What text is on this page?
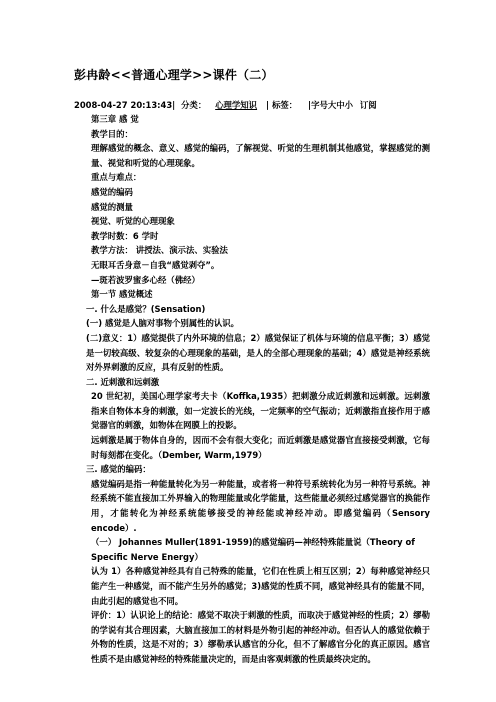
彭冉龄<<普通心理学>>课件（二）
2008-04-27 20:13:43| 分类： 心理学知识 | 标签： |字号大中小 订阅

第三章 感 觉

教学目的：

理解感觉的概念、意义、感觉的编码，了解视觉、听觉的生理机制其他感觉，掌握感觉的测量、视觉和听觉的心理现象。

重点与难点：

感觉的编码

感觉的测量

视觉、听觉的心理现象

教学时数：6 学时

教学方法： 讲授法、演示法、实验法

无眼耳舌身意－自我“感觉剥夺”。

—斑若波罗蜜多心经（佛经）

第一节 感觉概述

一. 什么是感觉？(Sensation)

(一) 感觉是人脑对事物个别属性的认识。

(二)意义：1）感觉提供了内外环境的信息；2）感觉保证了机体与环境的信息平衡；3）感觉是一切较高级、较复杂的心理现象的基础，是人的全部心理现象的基础；4）感觉是神经系统对外界刺激的反应，具有反射的性质。

二. 近刺激和远刺激

20 世纪初，美国心理学家考夫卡（Koffka,1935）把刺激分成近刺激和远刺激。远刺激指来自物体本身的刺激，如一定波长的光线，一定频率的空气振动；近刺激指直接作用于感觉器官的刺激，如物体在网膜上的投影。

远刺激是属于物体自身的，因而不会有很大变化；而近刺激是感觉器官直接接受刺激，它每时每刻都在变化。（Dember, Warm,1979）

三. 感觉的编码：

感觉编码是指一种能量转化为另一种能量，或者将一种符号系统转化为另一种符号系统。神经系统不能直接加工外界输入的物理能量或化学能量，这些能量必须经过感觉器官的换能作用，才能转化为神经系统能够接受的神经能或神经冲动。即感觉编码（Sensory encode）.

（一） Johannes Muller(1891-1959)的感觉编码—神经特殊能量说（Theory of Specific Nerve Energy）

认为 1）各种感觉神经具有自己特殊的能量，它们在性质上相互区别；2）每种感觉神经只能产生一种感觉，而不能产生另外的感觉；3)感觉的性质不同，感觉神经具有的能量不同，由此引起的感觉也不同。

评价：1）认识论上的结论：感觉不取决于刺激的性质，而取决于感觉神经的性质；2）缪勒的学说有其合理因素，大脑直接加工的材料是外物引起的神经冲动。但否认人的感觉依赖于外物的性质，这是不对的；3）缪勒承认感官的分化，但不了解感官分化的真正原因。感官性质不是由感觉神经的特殊能量决定的，而是由客观刺激的性质最终决定的。
